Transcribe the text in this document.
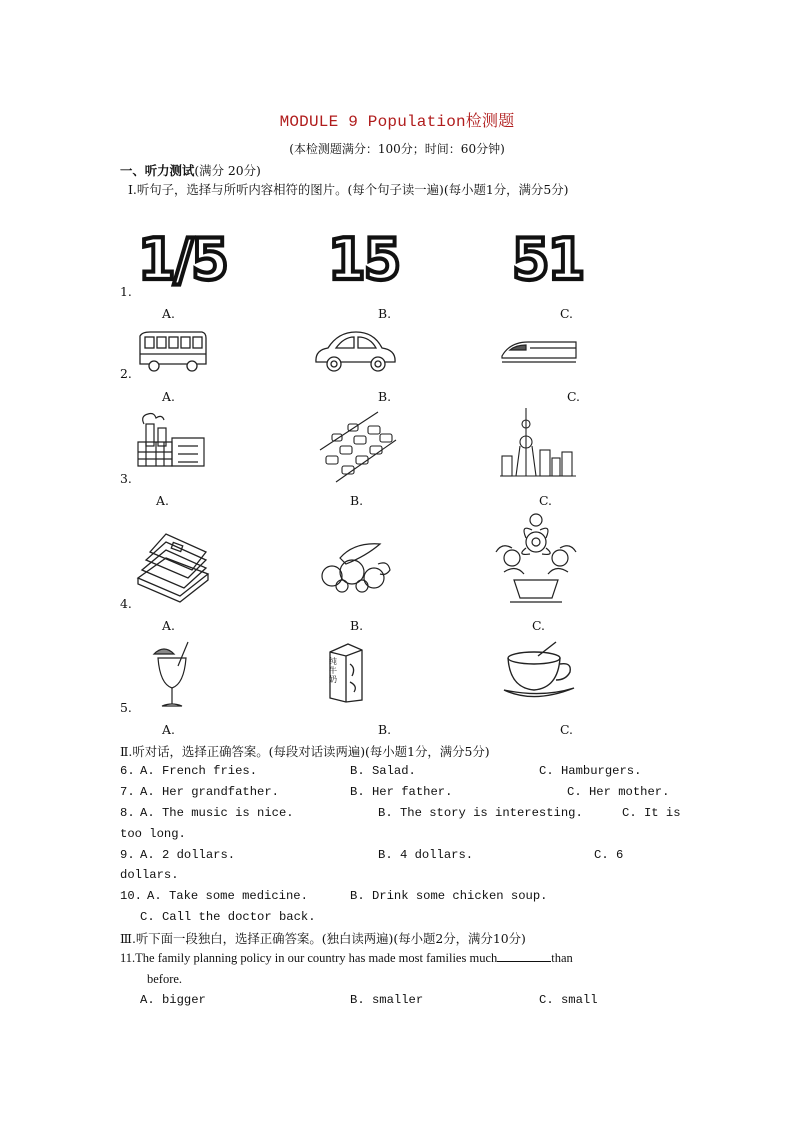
MODULE 9 Population检测题
(本检测题满分：100分；时间：60分钟)
一、听力测试(满分 20分)
Ⅰ.听句子，选择与所听内容相符的图片。(每个句子读一遍)(每小题1分，满分5分)
1/5 15 51
1.
A.	B.	C.
2.
A.	B.	C.
3.
A.	B.	C.
4.
A.	B.	C.
纯牛奶
5.
A.	B.	C.
Ⅱ.听对话，选择正确答案。(每段对话读两遍)(每小题1分，满分5分)
6. A. French fries.	B. Salad.	C. Hamburgers.
7. A. Her grandfather.	B. Her father.	C. Her mother.
8. A. The music is nice.	B. The story is interesting.	C. It is
too long.
9. A. 2 dollars.	B. 4 dollars.	C. 6
dollars.
10. A. Take some medicine.	B. Drink some chicken soup.
C. Call the doctor back.
Ⅲ.听下面一段独白，选择正确答案。(独白读两遍)(每小题2分，满分10分)
11.The family planning policy in our country has made most families much	than
before.
A. bigger	B. smaller	C. small
